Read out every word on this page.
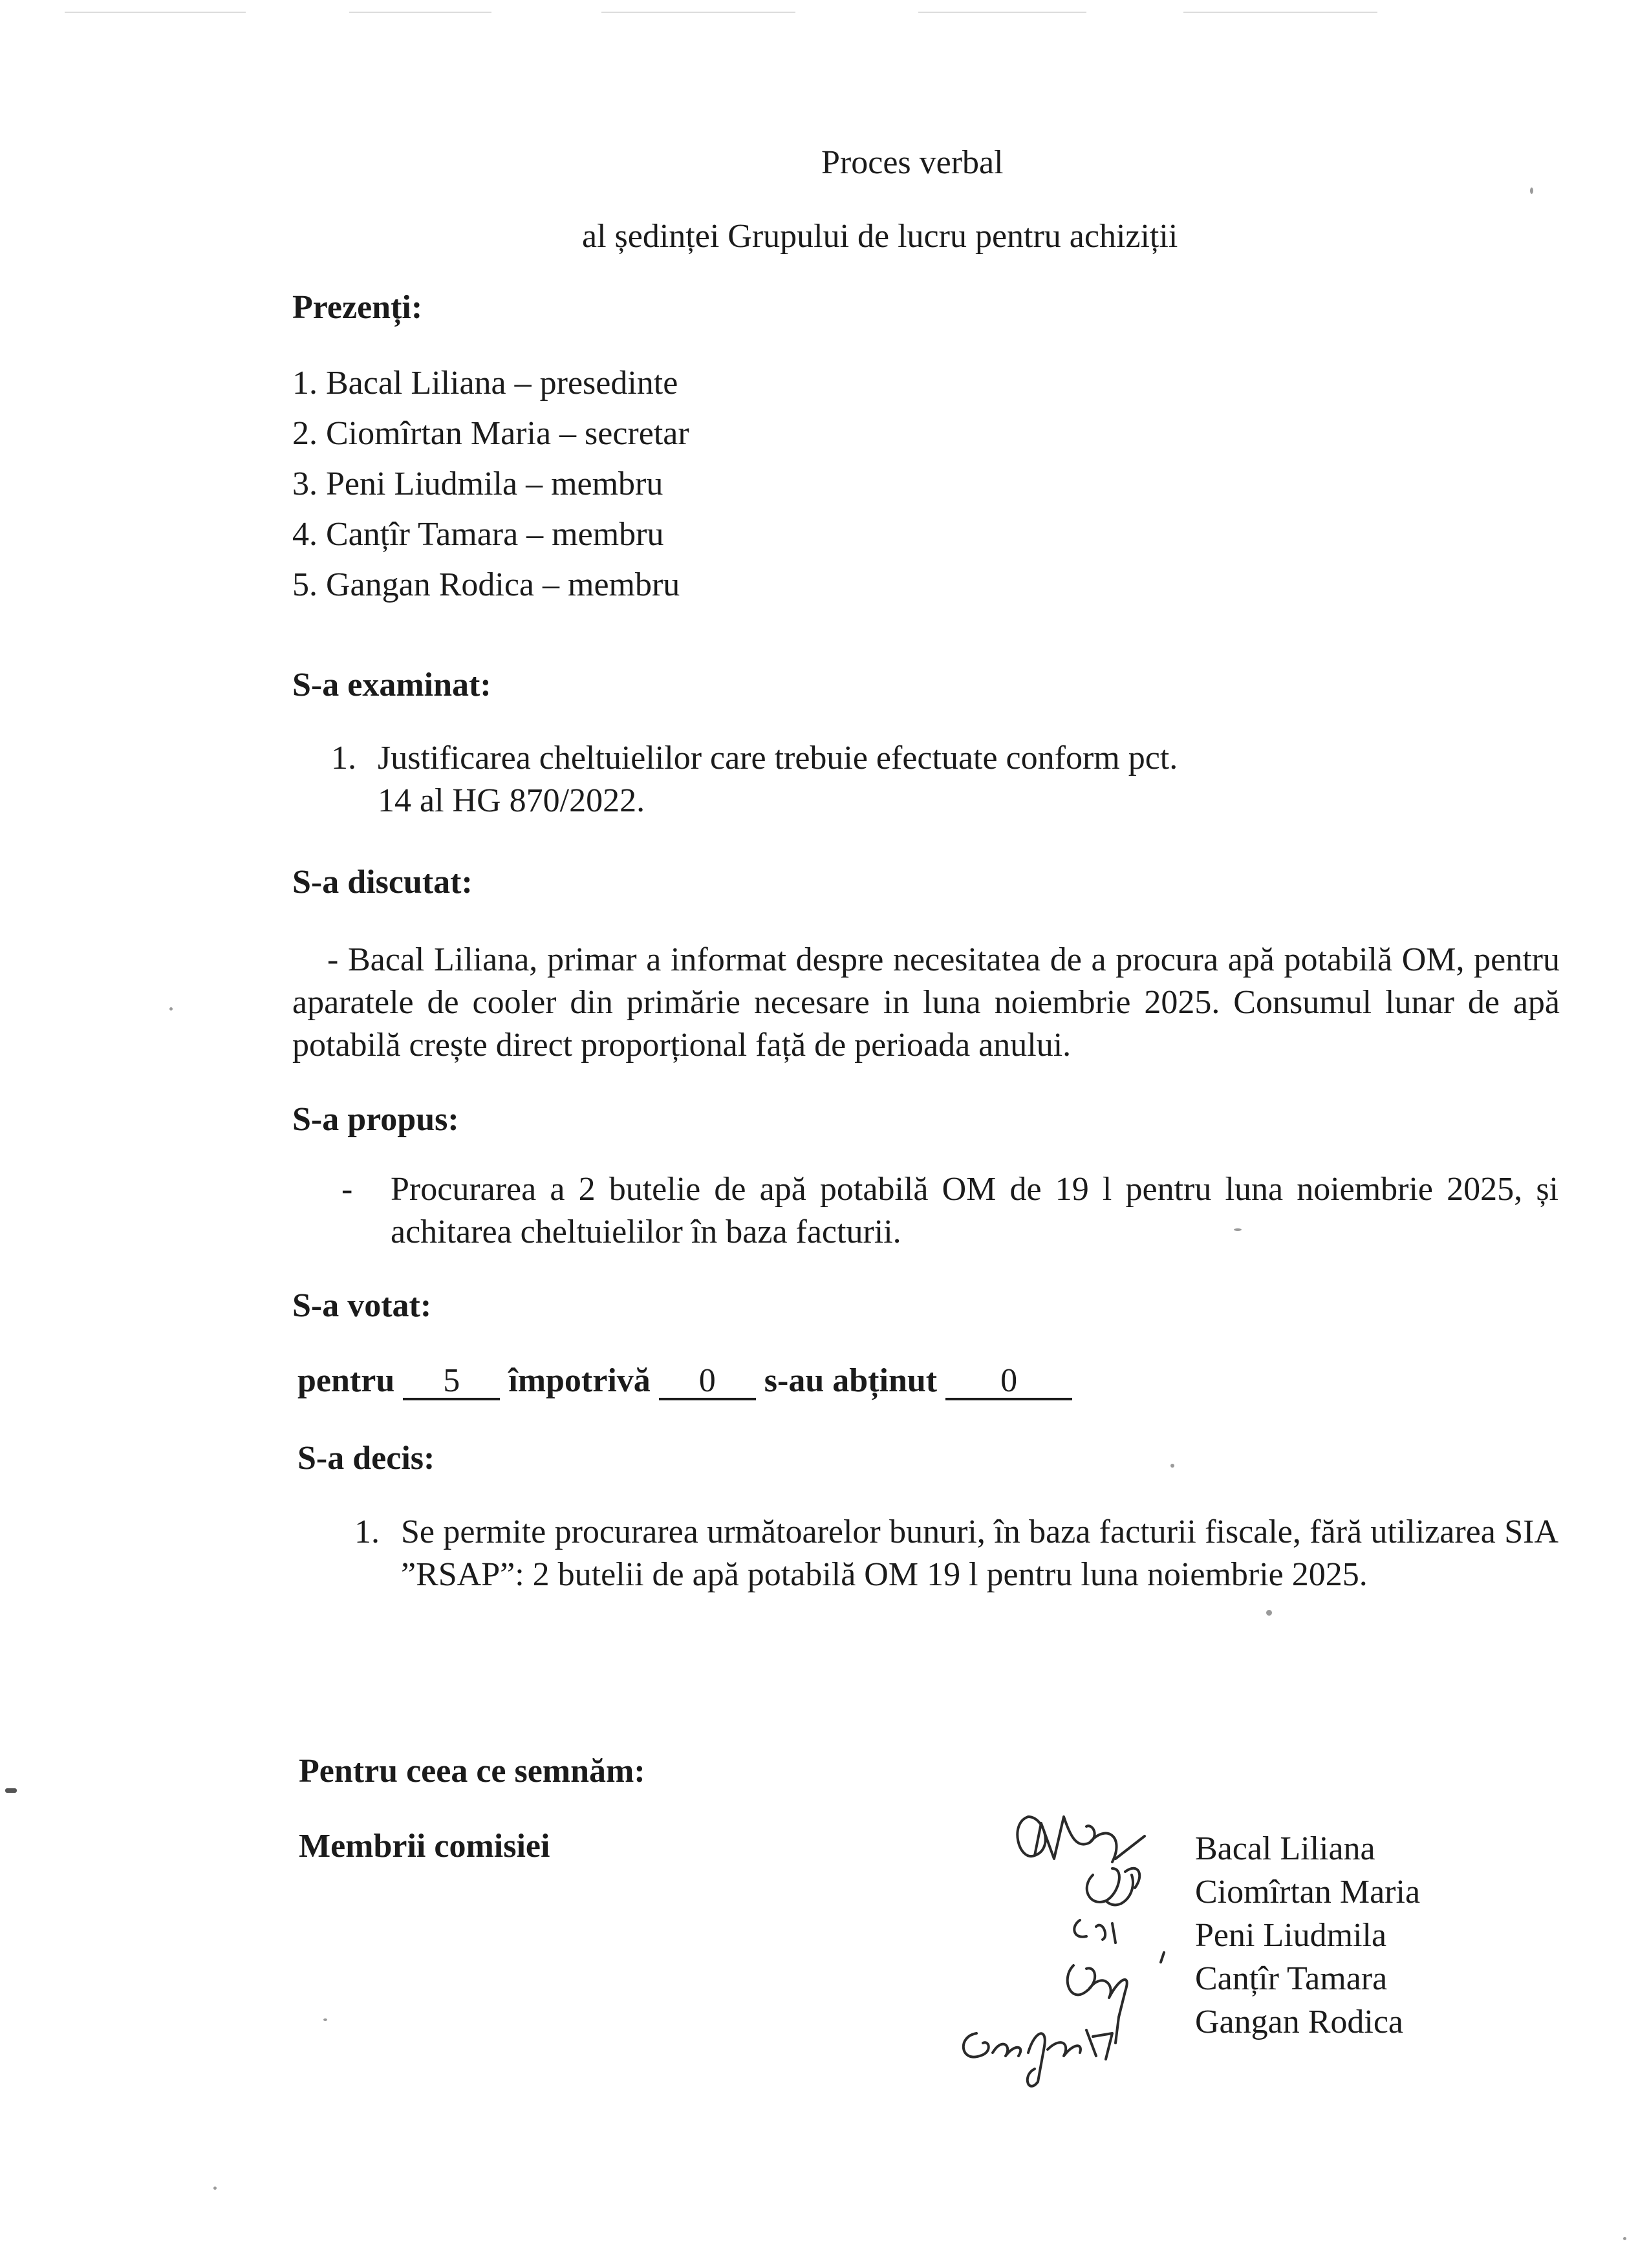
Proces verbal
al ședinței Grupului de lucru pentru achiziții
Prezenți:
1. Bacal Liliana – presedinte
2. Ciomîrtan Maria – secretar
3. Peni Liudmila – membru
4. Canțîr Tamara – membru
5. Gangan Rodica – membru
S-a examinat:
1. Justificarea cheltuielilor care trebuie efectuate conform pct. 14 al HG 870/2022.
S-a discutat:
- Bacal Liliana, primar a informat despre necesitatea de a procura apă potabilă OM, pentru aparatele de cooler din primărie necesare in luna noiembrie 2025. Consumul lunar de apă potabilă crește direct proporțional față de perioada anului.
S-a propus:
- Procurarea a 2 butelie de apă potabilă OM de 19 l pentru luna noiembrie 2025, și achitarea cheltuielilor în baza facturii.
S-a votat:
pentru 5 împotrivă 0 s-au abținut 0
S-a decis:
1. Se permite procurarea următoarelor bunuri, în baza facturii fiscale, fără utilizarea SIA ”RSAP”: 2 butelii de apă potabilă OM 19 l pentru luna noiembrie 2025.
Pentru ceea ce semnăm:
Membrii comisiei	Bacal Liliana
Ciomîrtan Maria
Peni Liudmila
Canțîr Tamara
Gangan Rodica
